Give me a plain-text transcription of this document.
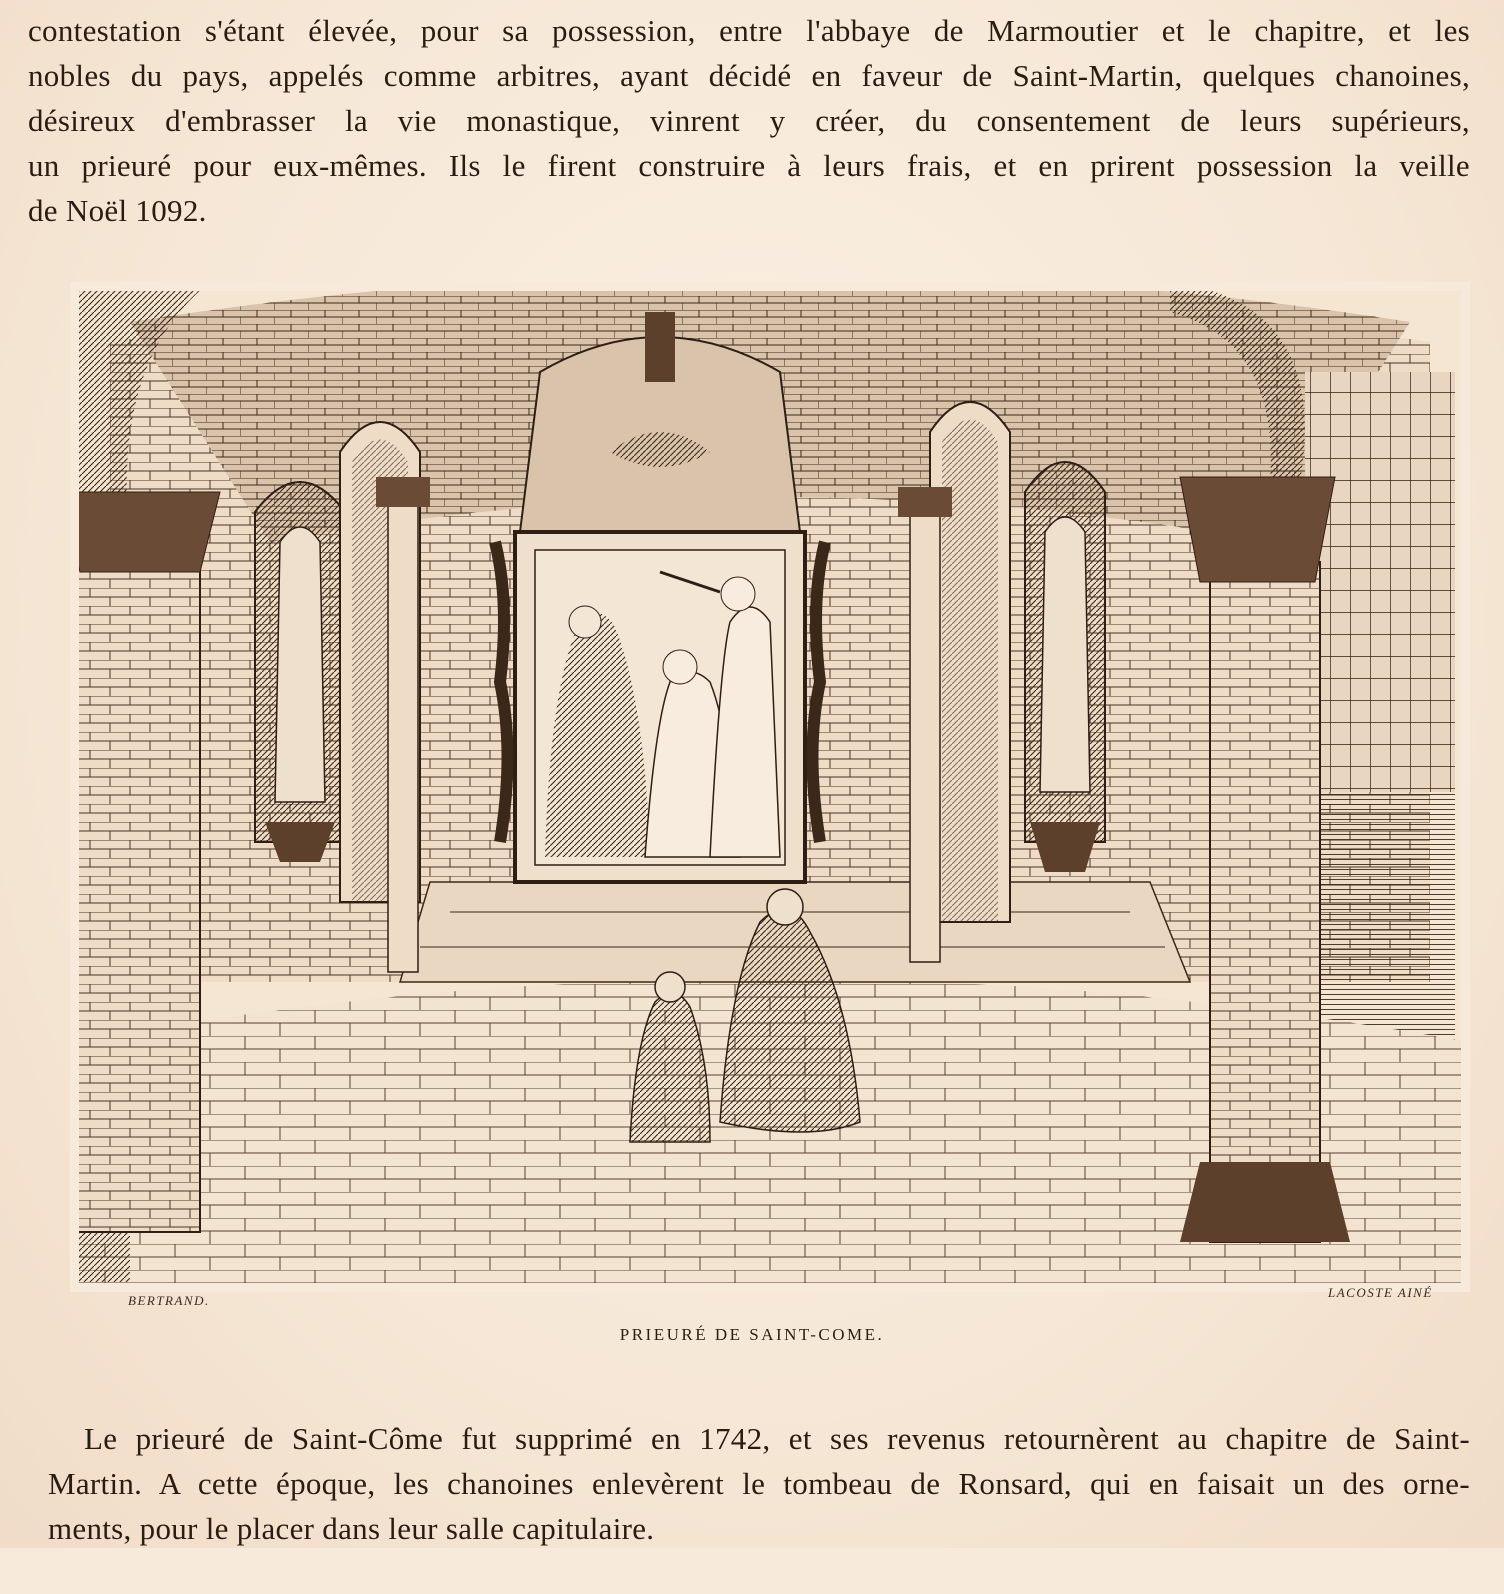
contestation s'étant élevée, pour sa possession, entre l'abbaye de Marmoutier et le chapitre, et les
nobles du pays, appelés comme arbitres, ayant décidé en faveur de Saint-Martin, quelques chanoines,
désireux d'embrasser la vie monastique, vinrent y créer, du consentement de leurs supérieurs,
un prieuré pour eux-mêmes. Ils le firent construire à leurs frais, et en prirent possession la veille
de Noël 1092.
BERTRAND.
LACOSTE AINÉ
PRIEURÉ DE SAINT-COME.
Le prieuré de Saint-Côme fut supprimé en 1742, et ses revenus retournèrent au chapitre de Saint-
Martin. A cette époque, les chanoines enlevèrent le tombeau de Ronsard, qui en faisait un des orne-
ments, pour le placer dans leur salle capitulaire.
